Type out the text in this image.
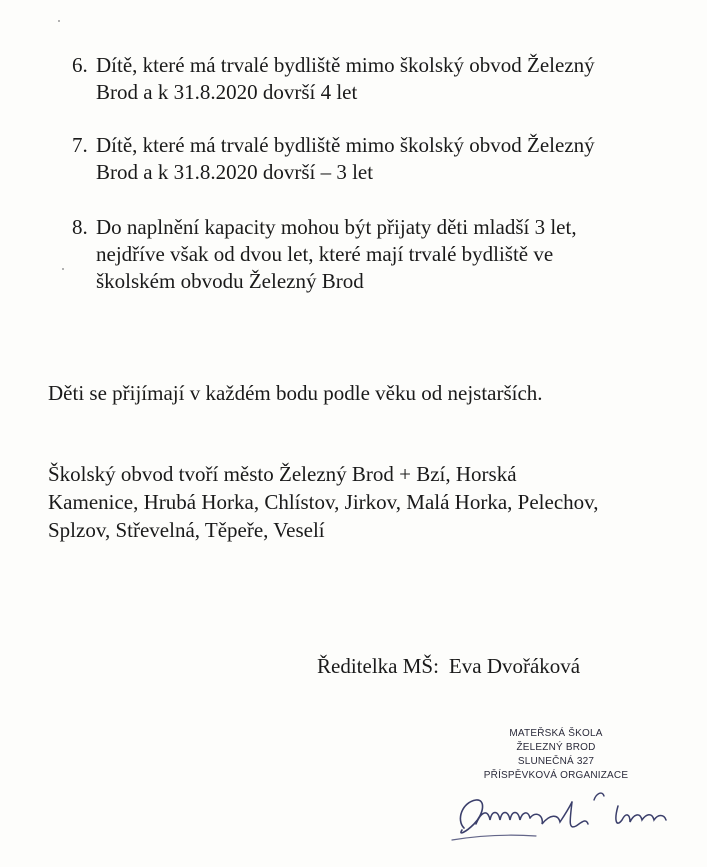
6. Dítě, které má trvalé bydliště mimo školský obvod Železný
Brod a k 31.8.2020 dovrší 4 let
7. Dítě, které má trvalé bydliště mimo školský obvod Železný
Brod a k 31.8.2020 dovrší – 3 let
8. Do naplnění kapacity mohou být přijaty děti mladší 3 let,
nejdříve však od dvou let, které mají trvalé bydliště ve
školském obvodu Železný Brod
Děti se přijímají v každém bodu podle věku od nejstarších.
Školský obvod tvoří město Železný Brod + Bzí, Horská
Kamenice, Hrubá Horka, Chlístov, Jirkov, Malá Horka, Pelechov,
Splzov, Střevelná, Těpeře, Veselí
Ředitelka MŠ: Eva Dvořáková
MATEŘSKÁ ŠKOLA
ŽELEZNÝ BROD
SLUNEČNÁ 327
PŘÍSPĚVKOVÁ ORGANIZACE
